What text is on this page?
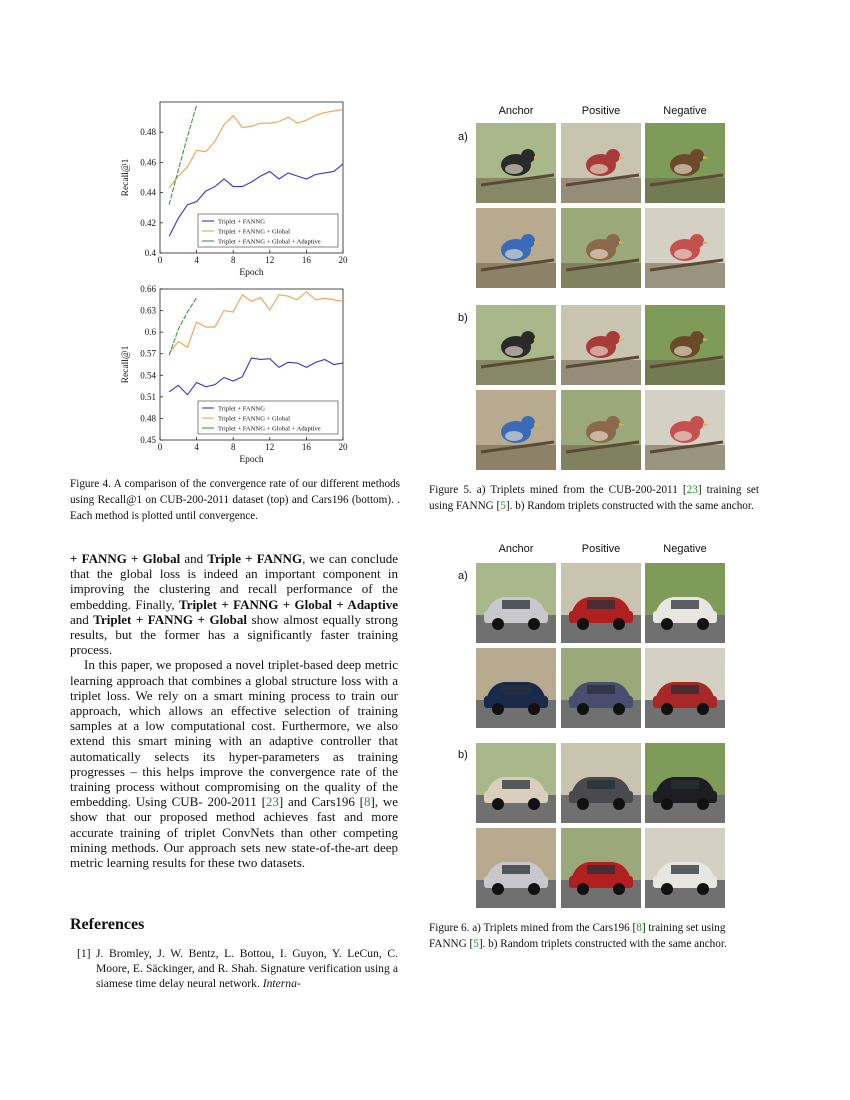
0	4	8	12	16	20
0.4
0.42
0.44
0.46
0.48
Epoch
Recall@1
Triplet + FANNG
Triplet + FANNG + Global
Triplet + FANNG + Global + Adaptive
0	4	8	12	16	20
0.45
0.48
0.51
0.54
0.57
0.6
0.63
0.66
Epoch
Recall@1
Triplet + FANNG
Triplet + FANNG + Global
Triplet + FANNG + Global + Adaptive
Figure 4. A comparison of the convergence rate of our different methods using Recall@1 on CUB-200-2011 dataset (top) and Cars196 (bottom). . Each method is plotted until convergence.

+ FANNG + Global and Triple + FANNG, we can conclude that the global loss is indeed an important component in improving the clustering and recall performance of the embedding. Finally, Triplet + FANNG + Global + Adaptive and Triplet + FANNG + Global show almost equally strong results, but the former has a significantly faster training process.

In this paper, we proposed a novel triplet-based deep metric learning approach that combines a global structure loss with a triplet loss. We rely on a smart mining process to train our approach, which allows an effective selection of training samples at a low computational cost. Furthermore, we also extend this smart mining with an adaptive controller that automatically selects its hyper-parameters as training progresses – this helps improve the convergence rate of the training process without compromising on the quality of the embedding. Using CUB- 200-2011 [23] and Cars196 [8], we show that our proposed method achieves fast and more accurate training of triplet ConvNets than other competing mining methods. Our approach sets new state-of-the-art deep metric learning results for these two datasets.

References
[1] J. Bromley, J. W. Bentz, L. Bottou, I. Guyon, Y. LeCun, C. Moore, E. Säckinger, and R. Shah. Signature verification using a siamese time delay neural network. Interna-
Anchor	Positive	Negative
a)
b)
Figure 5. a) Triplets mined from the CUB-200-2011 [23] training set using FANNG [5]. b) Random triplets constructed with the same anchor.
Anchor	Positive	Negative
a)
b)
Figure 6. a) Triplets mined from the Cars196 [8] training set using FANNG [5]. b) Random triplets constructed with the same anchor.
